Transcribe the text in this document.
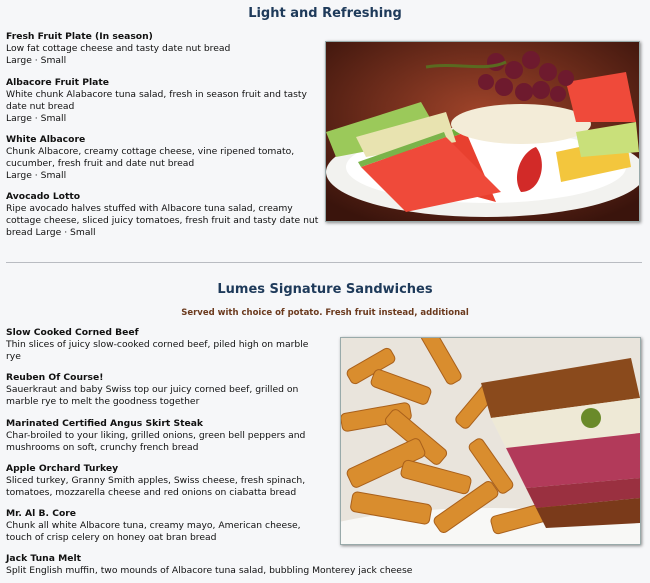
Light and Refreshing
Fresh Fruit Plate (In season)
Low fat cottage cheese and tasty date nut bread
Large · Small
Albacore Fruit Plate
White chunk Alabacore tuna salad, fresh in season fruit and tasty date nut bread
Large · Small
White Albacore
Chunk Albacore, creamy cottage cheese, vine ripened tomato, cucumber, fresh fruit and date nut bread
Large · Small
Avocado Lotto
Ripe avocado halves stuffed with Albacore tuna salad, creamy cottage cheese, sliced juicy tomatoes, fresh fruit and tasty date nut bread Large · Small
Lumes Signature Sandwiches
Served with choice of potato. Fresh fruit instead, additional
Slow Cooked Corned Beef
Thin slices of juicy slow-cooked corned beef, piled high on marble rye
Reuben Of Course!
Sauerkraut and baby Swiss top our juicy corned beef, grilled on marble rye to melt the goodness together
Marinated Certified Angus Skirt Steak
Char-broiled to your liking, grilled onions, green bell peppers and mushrooms on soft, crunchy french bread
Apple Orchard Turkey
Sliced turkey, Granny Smith apples, Swiss cheese, fresh spinach, tomatoes, mozzarella cheese and red onions on ciabatta bread
Mr. Al B. Core
Chunk all white Albacore tuna, creamy mayo, American cheese, touch of crisp celery on honey oat bran bread
Jack Tuna Melt
Split English muffin, two mounds of Albacore tuna salad, bubbling Monterey jack cheese
